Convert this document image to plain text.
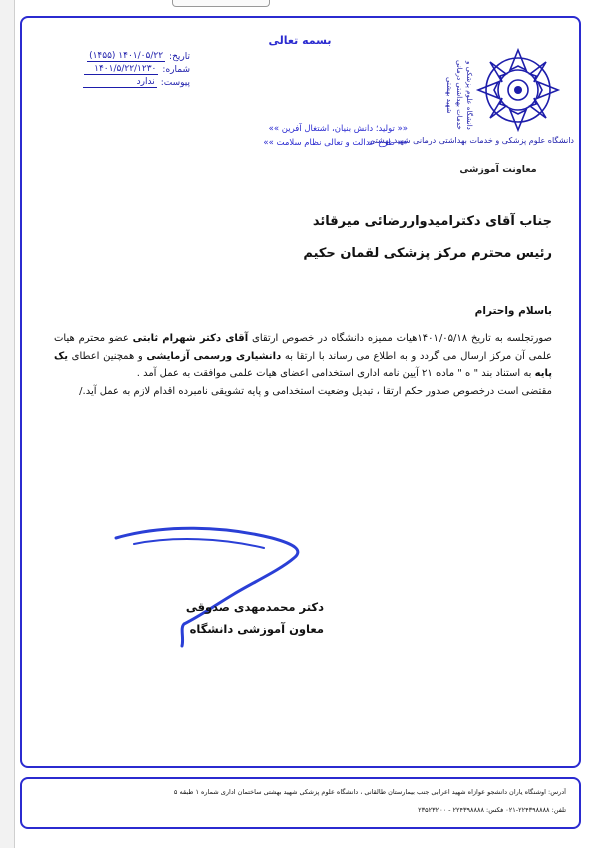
بسمه تعالی
تاریخ:
۱۴۰۱/۰۵/۲۲ (۱۴۵۵)
شماره:
۱۴۰۱/۵/۲۲/۱۲۳۰
پیوست:
ندارد	دانشگاه علوم پزشکی و خدمات بهداشتی درمانی شهید بهشتی
دانشگاه علوم پزشکی و خدمات بهداشتی درمانی شهید بهشتی
«« تولید؛ دانش بنیان، اشتغال آفرین »»
«« طرح عدالت و تعالی نظام سلامت »»
معاونت آموزشی
جناب آقای دکترامیدواررضائی میرقائد
رئیس محترم مرکز پزشکی لقمان حکیم
باسلام واحترام

صورتجلسه به تاریخ ۱۴۰۱/۰۵/۱۸هیات ممیزه دانشگاه در خصوص ارتقای آقای دکتر شهرام ثابتی عضو محترم هیات علمی آن مرکز ارسال می گردد و به اطلاع می رساند با ارتقا به دانشیاری ورسمی آزمایشی و همچنین اعطای یک پایه به استناد بند " ه " ماده ۲۱ آیین نامه اداری استخدامی اعضای هیات علمی موافقت به عمل آمد .

مقتضی است درخصوص صدور حکم ارتقا ، تبدیل وضعیت استخدامی و پایه تشویقی نامبرده اقدام لازم به عمل آید./

دکتر محمدمهدی صدوقی
معاون آموزشی دانشگاه
آدرس: اوشنگاه یاران دانشجو عوازاه شهید اعرابی جنب بیمارستان طالقانی ، دانشگاه علوم پزشکی شهید بهشتی ساختمان اداری شماره ۱ طبقه ۵
تلفن: ۲۲۴۳۹۸۸۸۸-۰۲۱ فکس: ۲۲۴۳۹۸۸۸۸ - ۲۳۵۲۳۲۰۰
